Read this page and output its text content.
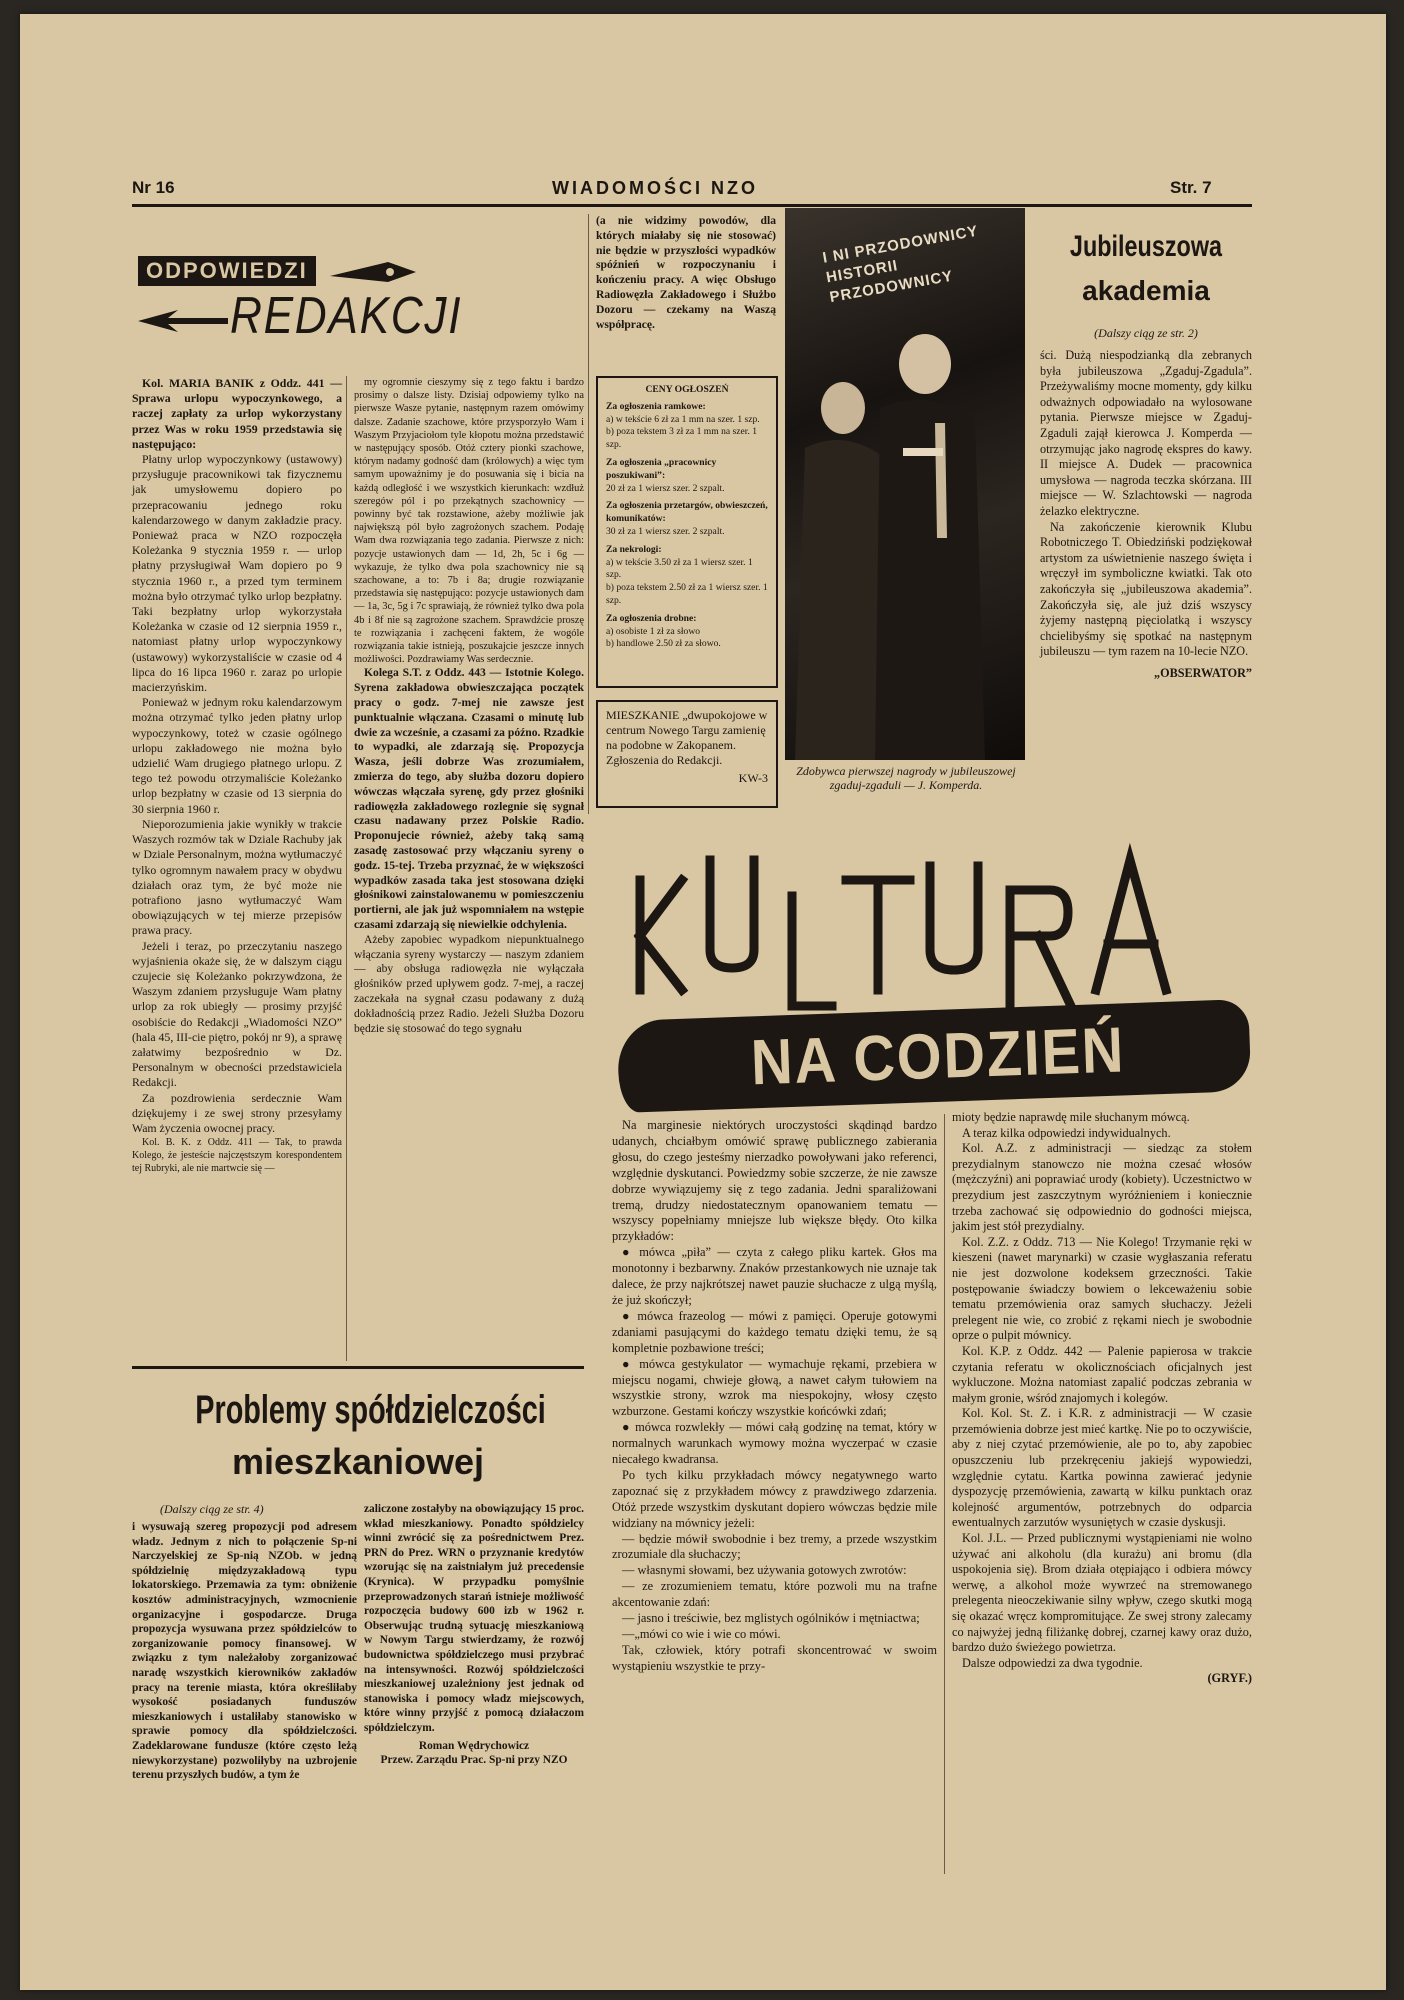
Nr 16	WIADOMOŚCI NZO	Str. 7
ODPOWIEDZI
REDAKCJI

Kol. MARIA BANIK z Oddz. 441 — Sprawa urlopu wypoczynkowego, a raczej zapłaty za urlop wykorzystany przez Was w roku 1959 przedstawia się następująco:

Płatny urlop wypoczynkowy (ustawowy) przysługuje pracownikowi tak fizycznemu jak umysłowemu dopiero po przepracowaniu jednego roku kalendarzowego w danym zakładzie pracy. Ponieważ praca w NZO rozpoczęła Koleżanka 9 stycznia 1959 r. — urlop płatny przysługiwał Wam dopiero po 9 stycznia 1960 r., a przed tym terminem można było otrzymać tylko urlop bezpłatny. Taki bezpłatny urlop wykorzystała Koleżanka w czasie od 12 sierpnia 1959 r., natomiast płatny urlop wypoczynkowy (ustawowy) wykorzystaliście w czasie od 4 lipca do 16 lipca 1960 r. zaraz po urlopie macierzyńskim.

Ponieważ w jednym roku kalendarzowym można otrzymać tylko jeden płatny urlop wypoczynkowy, toteż w czasie ogólnego urlopu zakładowego nie można było udzielić Wam drugiego płatnego urlopu. Z tego też powodu otrzymaliście Koleżanko urlop bezpłatny w czasie od 13 sierpnia do 30 sierpnia 1960 r.

Nieporozumienia jakie wynikły w trakcie Waszych rozmów tak w Dziale Rachuby jak w Dziale Personalnym, można wytłumaczyć tylko ogromnym nawałem pracy w obydwu działach oraz tym, że być może nie potrafiono jasno wytłumaczyć Wam obowiązujących w tej mierze przepisów prawa pracy.

Jeżeli i teraz, po przeczytaniu naszego wyjaśnienia okaże się, że w dalszym ciągu czujecie się Koleżanko pokrzywdzona, że Waszym zdaniem przysługuje Wam płatny urlop za rok ubiegły — prosimy przyjść osobiście do Redakcji „Wiadomości NZO” (hala 45, III-cie piętro, pokój nr 9), a sprawę załatwimy bezpośrednio w Dz. Personalnym w obecności przedstawiciela Redakcji.

Za pozdrowienia serdecznie Wam dziękujemy i ze swej strony przesyłamy Wam życzenia owocnej pracy.

Kol. B. K. z Oddz. 411 — Tak, to prawda Kolego, że jesteście najczęstszym korespondentem tej Rubryki, ale nie martwcie się —

my ogromnie cieszymy się z tego faktu i bardzo prosimy o dalsze listy. Dzisiaj odpowiemy tylko na pierwsze Wasze pytanie, następnym razem omówimy dalsze. Zadanie szachowe, które przysporzyło Wam i Waszym Przyjaciołom tyle kłopotu można przedstawić w następujący sposób. Otóż cztery pionki szachowe, którym nadamy godność dam (królowych) a więc tym samym upoważnimy je do posuwania się i bicia na każdą odległość i we wszystkich kierunkach: wzdłuż szeregów pól i po przekątnych szachownicy — powinny być tak rozstawione, ażeby możliwie jak największą pól było zagrożonych szachem. Podaję Wam dwa rozwiązania tego zadania. Pierwsze z nich: pozycje ustawionych dam — 1d, 2h, 5c i 6g — wykazuje, że tylko dwa pola szachownicy nie są szachowane, a to: 7b i 8a; drugie rozwiązanie przedstawia się następująco: pozycje ustawionych dam — 1a, 3c, 5g i 7c sprawiają, że również tylko dwa pola 4b i 8f nie są zagrożone szachem. Sprawdźcie proszę te rozwiązania i zachęceni faktem, że wogóle rozwiązania takie istnieją, poszukajcie jeszcze innych możliwości. Pozdrawiamy Was serdecznie.

Kolega S.T. z Oddz. 443 — Istotnie Kolego. Syrena zakładowa obwieszczająca początek pracy o godz. 7-mej nie zawsze jest punktualnie włączana. Czasami o minutę lub dwie za wcześnie, a czasami za późno. Rzadkie to wypadki, ale zdarzają się. Propozycja Wasza, jeśli dobrze Was zrozumiałem, zmierza do tego, aby służba dozoru dopiero wówczas włączała syrenę, gdy przez głośniki radiowęzła zakładowego rozlegnie się sygnał czasu nadawany przez Polskie Radio. Proponujecie również, ażeby taką samą zasadę zastosować przy włączaniu syreny o godz. 15-tej. Trzeba przyznać, że w większości wypadków zasada taka jest stosowana dzięki głośnikowi zainstalowanemu w pomieszczeniu portierni, ale jak już wspomniałem na wstępie czasami zdarzają się niewielkie odchylenia.

Ażeby zapobiec wypadkom niepunktualnego włączania syreny wystarczy — naszym zdaniem — aby obsługa radiowęzła nie wyłączała głośników przed upływem godz. 7-mej, a raczej zaczekała na sygnał czasu podawany z dużą dokładnością przez Radio. Jeżeli Służba Dozoru będzie się stosować do tego sygnału

(a nie widzimy powodów, dla których miałaby się nie stosować) nie będzie w przyszłości wypadków spóźnień w rozpoczynaniu i kończeniu pracy. A więc Obsługo Radiowęzła Zakładowego i Służbo Dozoru — czekamy na Waszą współpracę.
CENY OGŁOSZEŃ
Za ogłoszenia ramkowe:
a) w tekście 6 zł za 1 mm na szer. 1 szp.
b) poza tekstem 3 zł za 1 mm na szer. 1 szp.
Za ogłoszenia „pracownicy poszukiwani”:
20 zł za 1 wiersz szer. 2 szpalt.
Za ogłoszenia przetargów, obwieszczeń, komunikatów:
30 zł za 1 wiersz szer. 2 szpalt.
Za nekrologi:
a) w tekście 3.50 zł za 1 wiersz szer. 1 szp.
b) poza tekstem 2.50 zł za 1 wiersz szer. 1 szp.
Za ogłoszenia drobne:
a) osobiste 1 zł za słowo
b) handlowe 2.50 zł za słowo.
MIESZKANIE „dwupokojowe w centrum Nowego Targu zamienię na podobne w Zakopanem. Zgłoszenia do Redakcji.
KW-3
I NI PRZODOWNICY HISTORII PRZODOWNICY
Zdobywca pierwszej nagrody w jubileuszowej zgaduj-zgaduli — J. Komperda.
Jubileuszowa
akademia
(Dalszy ciąg ze str. 2)

ści. Dużą niespodzianką dla zebranych była jubileuszowa „Zgaduj-Zgadula”. Przeżywaliśmy mocne momenty, gdy kilku odważnych odpowiadało na wylosowane pytania. Pierwsze miejsce w Zgaduj-Zgaduli zajął kierowca J. Komperda — otrzymując jako nagrodę ekspres do kawy. II miejsce A. Dudek — pracownica umysłowa — nagroda teczka skórzana. III miejsce — W. Szlachtowski — nagroda żelazko elektryczne.

Na zakończenie kierownik Klubu Robotniczego T. Obiedziński podziękował artystom za uświetnienie naszego święta i wręczył im symboliczne kwiatki. Tak oto zakończyła się „jubileuszowa akademia”. Zakończyła się, ale już dziś wszyscy żyjemy następną pięciolatką i wszyscy chcielibyśmy się spotkać na następnym jubileuszu — tym razem na 10-lecie NZO.

„OBSERWATOR”

NA CODZIEŃ

Na marginesie niektórych uroczystości skądinąd bardzo udanych, chciałbym omówić sprawę publicznego zabierania głosu, do czego jesteśmy nierzadko powoływani jako referenci, względnie dyskutanci. Powiedzmy sobie szczerze, że nie zawsze dobrze wywiązujemy się z tego zadania. Jedni sparaliżowani tremą, drudzy niedostatecznym opanowaniem tematu — wszyscy popełniamy mniejsze lub większe błędy. Oto kilka przykładów:

● mówca „piła” — czyta z całego pliku kartek. Głos ma monotonny i bezbarwny. Znaków przestankowych nie uznaje tak dalece, że przy najkrótszej nawet pauzie słuchacze z ulgą myślą, że już skończył;

● mówca frazeolog — mówi z pamięci. Operuje gotowymi zdaniami pasującymi do każdego tematu dzięki temu, że są kompletnie pozbawione treści;

● mówca gestykulator — wymachuje rękami, przebiera w miejscu nogami, chwieje głową, a nawet całym tułowiem na wszystkie strony, wzrok ma niespokojny, włosy często wzburzone. Gestami kończy wszystkie końcówki zdań;

● mówca rozwlekły — mówi całą godzinę na temat, który w normalnych warunkach wymowy można wyczerpać w czasie niecałego kwadransa.

Po tych kilku przykładach mówcy negatywnego warto zapoznać się z przykładem mówcy z prawdziwego zdarzenia. Otóż przede wszystkim dyskutant dopiero wówczas będzie mile widziany na mównicy jeżeli:

— będzie mówił swobodnie i bez tremy, a przede wszystkim zrozumiale dla słuchaczy;

— własnymi słowami, bez używania gotowych zwrotów:

— ze zrozumieniem tematu, które pozwoli mu na trafne akcentowanie zdań:

— jasno i treściwie, bez mglistych ogólników i mętniactwa;

—„mówi co wie i wie co mówi.

Tak, człowiek, który potrafi skoncentrować w swoim wystąpieniu wszystkie te przy-

mioty będzie naprawdę mile słuchanym mówcą.

A teraz kilka odpowiedzi indywidualnych.

Kol. A.Z. z administracji — siedząc za stołem prezydialnym stanowczo nie można czesać włosów (mężczyźni) ani poprawiać urody (kobiety). Uczestnictwo w prezydium jest zaszczytnym wyróżnieniem i koniecznie trzeba zachować się odpowiednio do godności miejsca, jakim jest stół prezydialny.

Kol. Z.Z. z Oddz. 713 — Nie Kolego! Trzymanie ręki w kieszeni (nawet marynarki) w czasie wygłaszania referatu nie jest dozwolone kodeksem grzeczności. Takie postępowanie świadczy bowiem o lekceważeniu sobie tematu przemówienia oraz samych słuchaczy. Jeżeli prelegent nie wie, co zrobić z rękami niech je swobodnie oprze o pulpit mównicy.

Kol. K.P. z Oddz. 442 — Palenie papierosa w trakcie czytania referatu w okolicznościach oficjalnych jest wykluczone. Można natomiast zapalić podczas zebrania w małym gronie, wśród znajomych i kolegów.

Kol. Kol. St. Z. i K.R. z administracji — W czasie przemówienia dobrze jest mieć kartkę. Nie po to oczywiście, aby z niej czytać przemówienie, ale po to, aby zapobiec opuszczeniu lub przekręceniu jakiejś wypowiedzi, względnie cytatu. Kartka powinna zawierać jedynie dyspozycję przemówienia, zawartą w kilku punktach oraz kolejność argumentów, potrzebnych do odparcia ewentualnych zarzutów wysuniętych w czasie dyskusji.

Kol. J.L. — Przed publicznymi wystąpieniami nie wolno używać ani alkoholu (dla kurażu) ani bromu (dla uspokojenia się). Brom działa otępiająco i odbiera mówcy werwę, a alkohol może wywrzeć na stremowanego prelegenta nieoczekiwanie silny wpływ, czego skutki mogą się okazać wręcz kompromitujące. Ze swej strony zalecamy co najwyżej jedną filiżankę dobrej, czarnej kawy oraz dużo, bardzo dużo świeżego powietrza.

Dalsze odpowiedzi za dwa tygodnie.

(GRYF.)

Problemy spółdzielczości
mieszkaniowej
(Dalszy ciąg ze str. 4)
i wysuwają szereg propozycji pod adresem władz. Jednym z nich to połączenie Sp-ni Narczyelskiej ze Sp-nią NZOb. w jedną spółdzielnię międzyzakładową typu lokatorskiego. Przemawia za tym: obniżenie kosztów administracyjnych, wzmocnienie organizacyjne i gospodarcze. Druga propozycja wysuwana przez spółdzielców to zorganizowanie pomocy finansowej. W związku z tym należałoby zorganizować naradę wszystkich kierowników zakładów pracy na terenie miasta, która określiłaby wysokość posiadanych funduszów mieszkaniowych i ustaliłaby stanowisko w sprawie pomocy dla spółdzielczości. Zadeklarowane fundusze (które często leżą niewykorzystane) pozwoliłyby na uzbrojenie terenu przyszłych budów, a tym że

zaliczone zostałyby na obowiązujący 15 proc. wkład mieszkaniowy. Ponadto spółdzielcy winni zwrócić się za pośrednictwem Prez. PRN do Prez. WRN o przyznanie kredytów wzorując się na zaistniałym już precedensie (Krynica). W przypadku pomyślnie przeprowadzonych starań istnieje możliwość rozpoczęcia budowy 600 izb w 1962 r. Obserwując trudną sytuację mieszkaniową w Nowym Targu stwierdzamy, że rozwój budownictwa spółdzielczego musi przybrać na intensywności. Rozwój spółdzielczości mieszkaniowej uzależniony jest jednak od stanowiska i pomocy władz miejscowych, które winny przyjść z pomocą działaczom spółdzielczym.

Roman Wędrychowicz

Przew. Zarządu Prac. Sp-ni przy NZO
